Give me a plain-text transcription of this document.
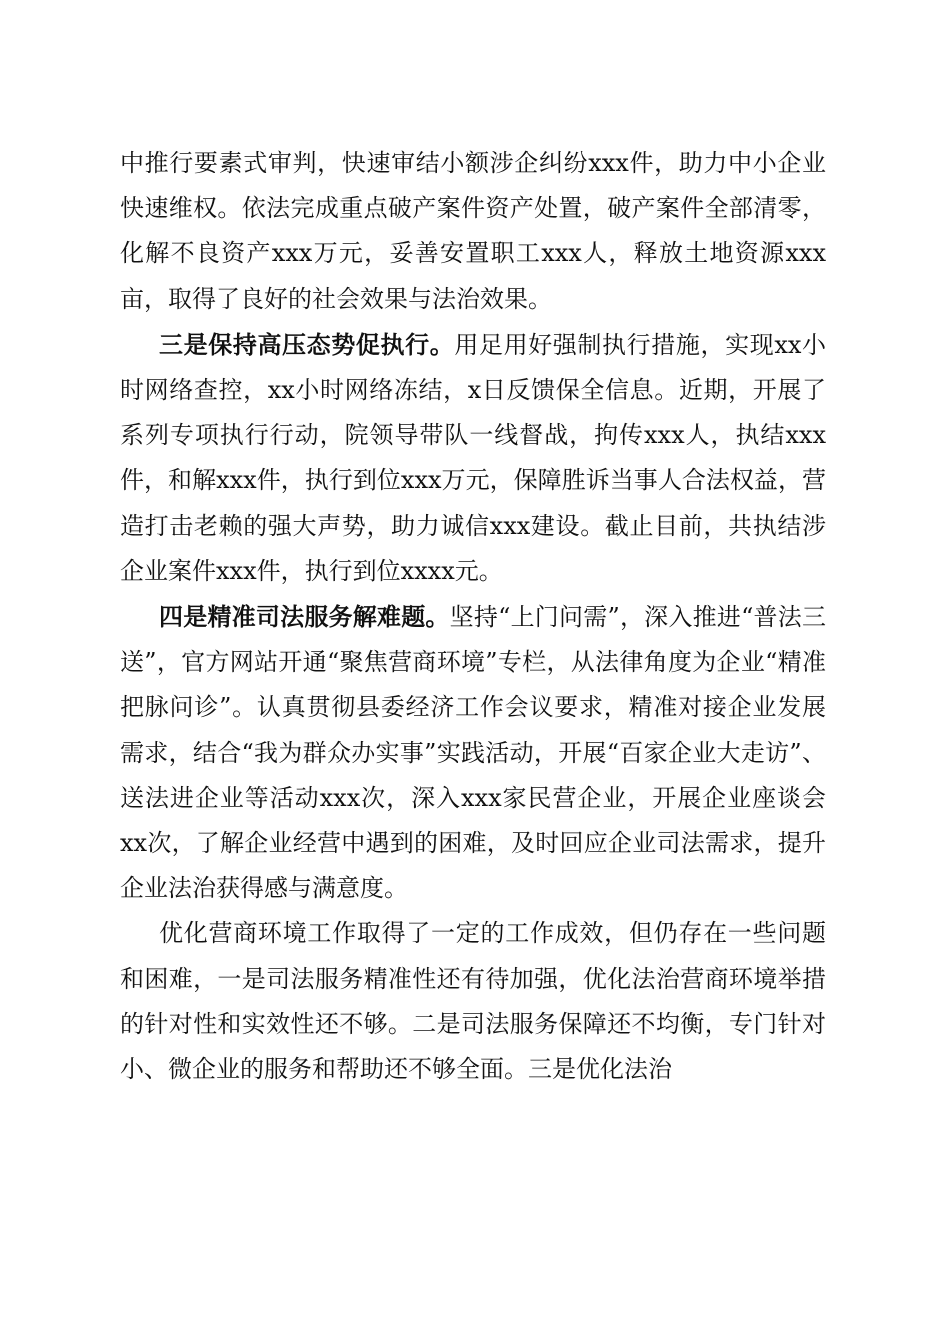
中推行要素式审判，快速审结小额涉企纠纷xxx件，助力中小企业快速维权。依法完成重点破产案件资产处置，破产案件全部清零，化解不良资产xxx万元，妥善安置职工xxx人，释放土地资源xxx亩，取得了良好的社会效果与法治效果。

三是保持高压态势促执行。用足用好强制执行措施，实现xx小时网络查控，xx小时网络冻结，x日反馈保全信息。近期，开展了系列专项执行行动，院领导带队一线督战，拘传xxx人，执结xxx件，和解xxx件，执行到位xxx万元，保障胜诉当事人合法权益，营造打击老赖的强大声势，助力诚信xxx建设。截止目前，共执结涉企业案件xxx件，执行到位xxxx元。

四是精准司法服务解难题。坚持“上门问需”，深入推进“普法三送”，官方网站开通“聚焦营商环境”专栏，从法律角度为企业“精准把脉问诊”。认真贯彻县委经济工作会议要求，精准对接企业发展需求，结合“我为群众办实事”实践活动，开展“百家企业大走访”、送法进企业等活动xxx次，深入xxx家民营企业，开展企业座谈会xx次，了解企业经营中遇到的困难，及时回应企业司法需求，提升企业法治获得感与满意度。

优化营商环境工作取得了一定的工作成效，但仍存在一些问题和困难，一是司法服务精准性还有待加强，优化法治营商环境举措的针对性和实效性还不够。二是司法服务保障还不均衡，专门针对小、微企业的服务和帮助还不够全面。三是优化法治
